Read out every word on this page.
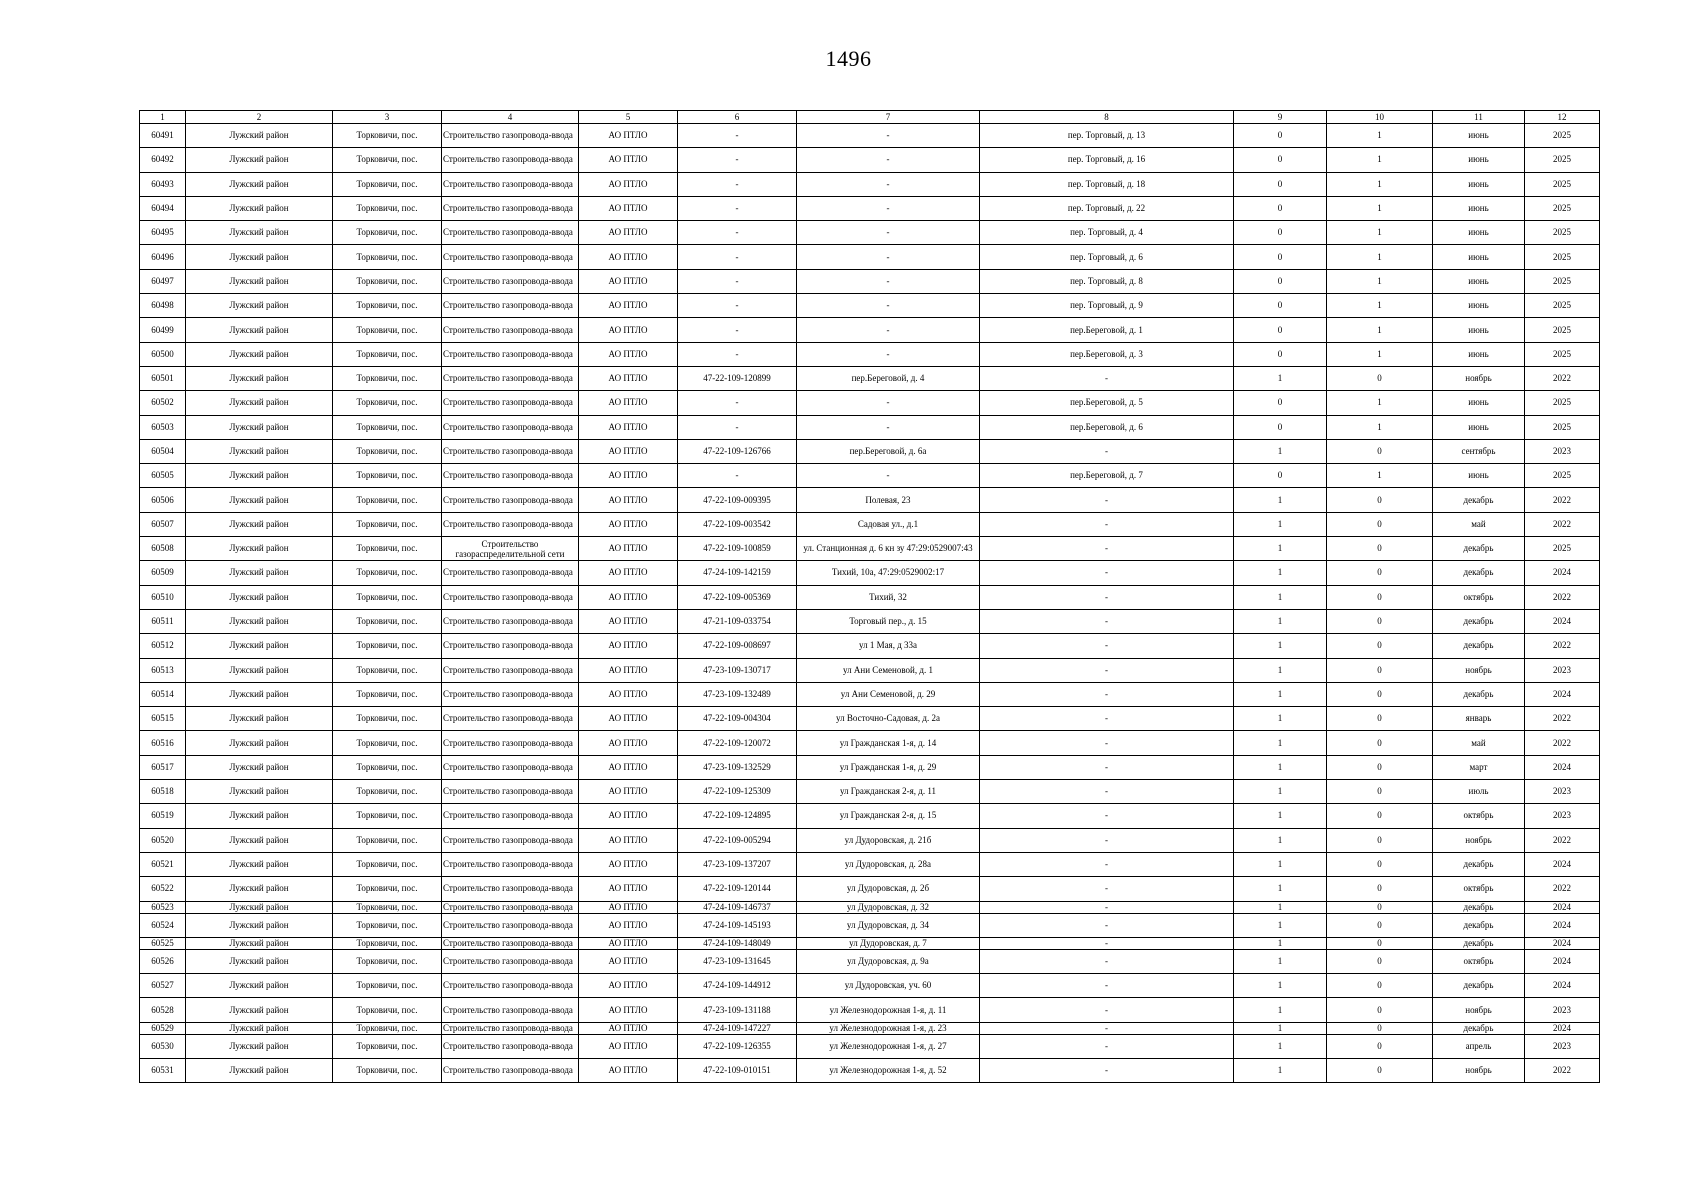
1496
1	2	3	4	5	6	7	8	9	10	11	12
60491	Лужский район	Торковичи, пос.	Строительство газопровода-ввода	АО ПТЛО	-	-	пер. Торговый, д. 13	0	1	июнь	2025
60492	Лужский район	Торковичи, пос.	Строительство газопровода-ввода	АО ПТЛО	-	-	пер. Торговый, д. 16	0	1	июнь	2025
60493	Лужский район	Торковичи, пос.	Строительство газопровода-ввода	АО ПТЛО	-	-	пер. Торговый, д. 18	0	1	июнь	2025
60494	Лужский район	Торковичи, пос.	Строительство газопровода-ввода	АО ПТЛО	-	-	пер. Торговый, д. 22	0	1	июнь	2025
60495	Лужский район	Торковичи, пос.	Строительство газопровода-ввода	АО ПТЛО	-	-	пер. Торговый, д. 4	0	1	июнь	2025
60496	Лужский район	Торковичи, пос.	Строительство газопровода-ввода	АО ПТЛО	-	-	пер. Торговый, д. 6	0	1	июнь	2025
60497	Лужский район	Торковичи, пос.	Строительство газопровода-ввода	АО ПТЛО	-	-	пер. Торговый, д. 8	0	1	июнь	2025
60498	Лужский район	Торковичи, пос.	Строительство газопровода-ввода	АО ПТЛО	-	-	пер. Торговый, д. 9	0	1	июнь	2025
60499	Лужский район	Торковичи, пос.	Строительство газопровода-ввода	АО ПТЛО	-	-	пер.Береговой, д. 1	0	1	июнь	2025
60500	Лужский район	Торковичи, пос.	Строительство газопровода-ввода	АО ПТЛО	-	-	пер.Береговой, д. 3	0	1	июнь	2025
60501	Лужский район	Торковичи, пос.	Строительство газопровода-ввода	АО ПТЛО	47-22-109-120899	пер.Береговой, д. 4	-	1	0	ноябрь	2022
60502	Лужский район	Торковичи, пос.	Строительство газопровода-ввода	АО ПТЛО	-	-	пер.Береговой, д. 5	0	1	июнь	2025
60503	Лужский район	Торковичи, пос.	Строительство газопровода-ввода	АО ПТЛО	-	-	пер.Береговой, д. 6	0	1	июнь	2025
60504	Лужский район	Торковичи, пос.	Строительство газопровода-ввода	АО ПТЛО	47-22-109-126766	пер.Береговой, д. 6а	-	1	0	сентябрь	2023
60505	Лужский район	Торковичи, пос.	Строительство газопровода-ввода	АО ПТЛО	-	-	пер.Береговой, д. 7	0	1	июнь	2025
60506	Лужский район	Торковичи, пос.	Строительство газопровода-ввода	АО ПТЛО	47-22-109-009395	Полевая, 23	-	1	0	декабрь	2022
60507	Лужский район	Торковичи, пос.	Строительство газопровода-ввода	АО ПТЛО	47-22-109-003542	Садовая ул., д.1	-	1	0	май	2022
60508	Лужский район	Торковичи, пос.	Строительство газораспределительной сети	АО ПТЛО	47-22-109-100859	ул. Станционная д. 6 кн зу 47:29:0529007:43	-	1	0	декабрь	2025
60509	Лужский район	Торковичи, пос.	Строительство газопровода-ввода	АО ПТЛО	47-24-109-142159	Тихий, 10а, 47:29:0529002:17	-	1	0	декабрь	2024
60510	Лужский район	Торковичи, пос.	Строительство газопровода-ввода	АО ПТЛО	47-22-109-005369	Тихий, 32	-	1	0	октябрь	2022
60511	Лужский район	Торковичи, пос.	Строительство газопровода-ввода	АО ПТЛО	47-21-109-033754	Торговый пер., д. 15	-	1	0	декабрь	2024
60512	Лужский район	Торковичи, пос.	Строительство газопровода-ввода	АО ПТЛО	47-22-109-008697	ул 1 Мая, д 33а	-	1	0	декабрь	2022
60513	Лужский район	Торковичи, пос.	Строительство газопровода-ввода	АО ПТЛО	47-23-109-130717	ул Ани Семеновой, д. 1	-	1	0	ноябрь	2023
60514	Лужский район	Торковичи, пос.	Строительство газопровода-ввода	АО ПТЛО	47-23-109-132489	ул Ани Семеновой, д. 29	-	1	0	декабрь	2024
60515	Лужский район	Торковичи, пос.	Строительство газопровода-ввода	АО ПТЛО	47-22-109-004304	ул Восточно-Садовая, д. 2а	-	1	0	январь	2022
60516	Лужский район	Торковичи, пос.	Строительство газопровода-ввода	АО ПТЛО	47-22-109-120072	ул Гражданская 1-я, д. 14	-	1	0	май	2022
60517	Лужский район	Торковичи, пос.	Строительство газопровода-ввода	АО ПТЛО	47-23-109-132529	ул Гражданская 1-я, д. 29	-	1	0	март	2024
60518	Лужский район	Торковичи, пос.	Строительство газопровода-ввода	АО ПТЛО	47-22-109-125309	ул Гражданская 2-я, д. 11	-	1	0	июль	2023
60519	Лужский район	Торковичи, пос.	Строительство газопровода-ввода	АО ПТЛО	47-22-109-124895	ул Гражданская 2-я, д. 15	-	1	0	октябрь	2023
60520	Лужский район	Торковичи, пос.	Строительство газопровода-ввода	АО ПТЛО	47-22-109-005294	ул Дудоровская, д. 21б	-	1	0	ноябрь	2022
60521	Лужский район	Торковичи, пос.	Строительство газопровода-ввода	АО ПТЛО	47-23-109-137207	ул Дудоровская, д. 28а	-	1	0	декабрь	2024
60522	Лужский район	Торковичи, пос.	Строительство газопровода-ввода	АО ПТЛО	47-22-109-120144	ул Дудоровская, д. 2б	-	1	0	октябрь	2022
60523	Лужский район	Торковичи, пос.	Строительство газопровода-ввода	АО ПТЛО	47-24-109-146737	ул Дудоровская, д. 32	-	1	0	декабрь	2024
60524	Лужский район	Торковичи, пос.	Строительство газопровода-ввода	АО ПТЛО	47-24-109-145193	ул Дудоровская, д. 34	-	1	0	декабрь	2024
60525	Лужский район	Торковичи, пос.	Строительство газопровода-ввода	АО ПТЛО	47-24-109-148049	ул Дудоровская, д. 7	-	1	0	декабрь	2024
60526	Лужский район	Торковичи, пос.	Строительство газопровода-ввода	АО ПТЛО	47-23-109-131645	ул Дудоровская, д. 9а	-	1	0	октябрь	2024
60527	Лужский район	Торковичи, пос.	Строительство газопровода-ввода	АО ПТЛО	47-24-109-144912	ул Дудоровская, уч. 60	-	1	0	декабрь	2024
60528	Лужский район	Торковичи, пос.	Строительство газопровода-ввода	АО ПТЛО	47-23-109-131188	ул Железнодорожная 1-я, д. 11	-	1	0	ноябрь	2023
60529	Лужский район	Торковичи, пос.	Строительство газопровода-ввода	АО ПТЛО	47-24-109-147227	ул Железнодорожная 1-я, д. 23	-	1	0	декабрь	2024
60530	Лужский район	Торковичи, пос.	Строительство газопровода-ввода	АО ПТЛО	47-22-109-126355	ул Железнодорожная 1-я, д. 27	-	1	0	апрель	2023
60531	Лужский район	Торковичи, пос.	Строительство газопровода-ввода	АО ПТЛО	47-22-109-010151	ул Железнодорожная 1-я, д. 52	-	1	0	ноябрь	2022
